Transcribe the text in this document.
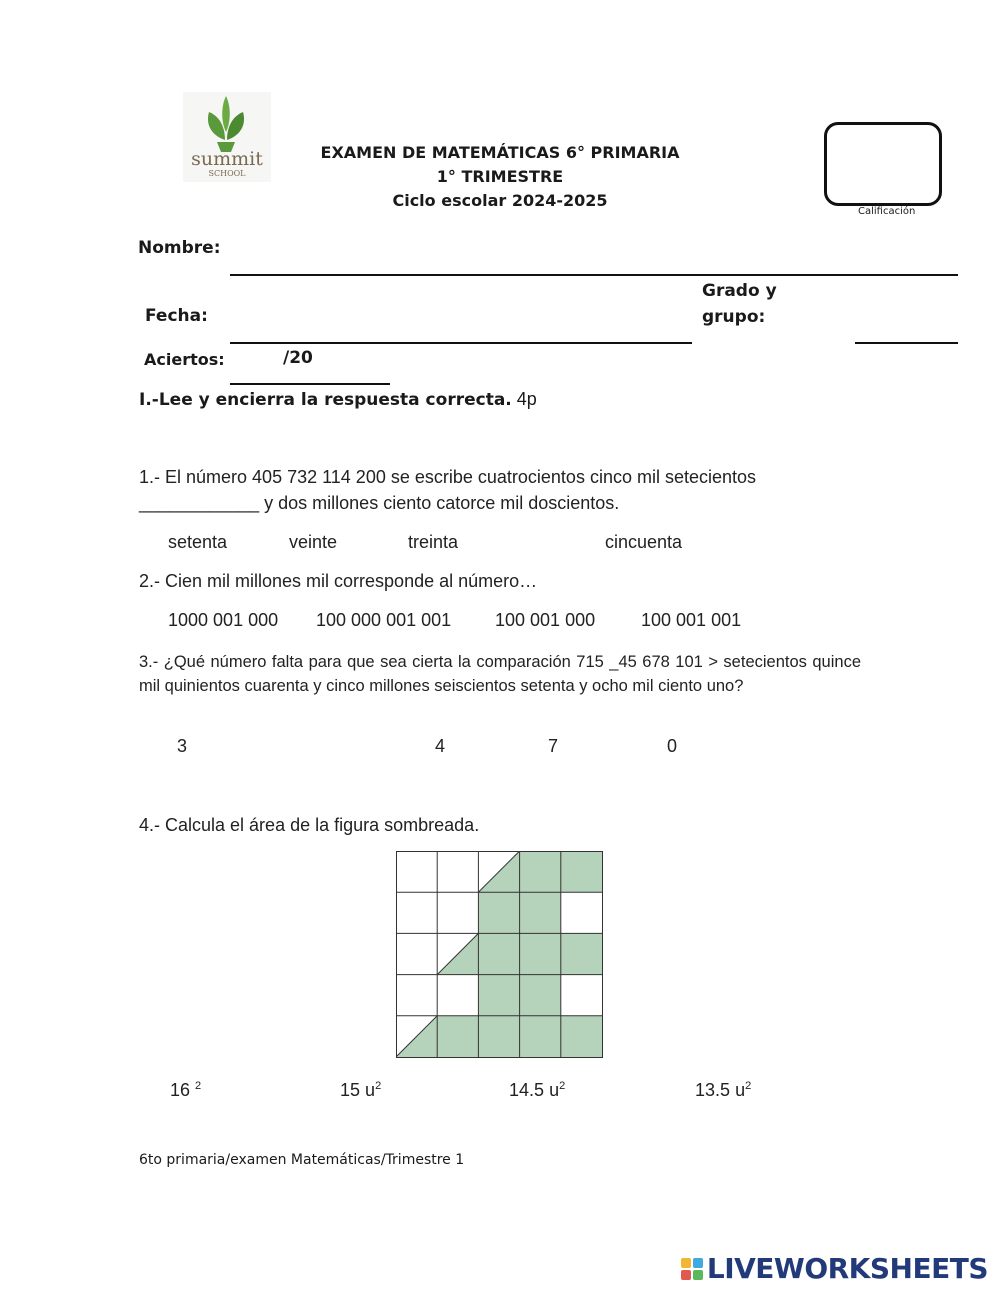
summit
SCHOOL
EXAMEN DE MATEMÁTICAS 6° PRIMARIA
1° TRIMESTRE
Ciclo escolar 2024-2025
Calificación
Nombre:
Fecha:
Grado y
grupo:
Aciertos:	/20
I.-Lee y encierra la respuesta correcta. 4p
1.- El número 405 732 114 200 se escribe cuatrocientos cinco mil setecientos
____________ y dos millones ciento catorce mil doscientos.
setenta	veinte	treinta	cincuenta
2.- Cien mil millones mil corresponde al número…
1000 001 000 100 000 001 001 100 001 000	100 001 001
3.- ¿Qué número falta para que sea cierta la comparación 715 _45 678 101 > setecientos quince mil quinientos cuarenta y cinco millones seiscientos setenta y ocho mil ciento uno?
3	4	7	0
4.- Calcula el área de la figura sombreada.
16 $^2$	15 $u^2$	14.5 $u^2$	13.5 $u^2$
6to primaria/examen Matemáticas/Trimestre 1
LIVEWORKSHEETS
